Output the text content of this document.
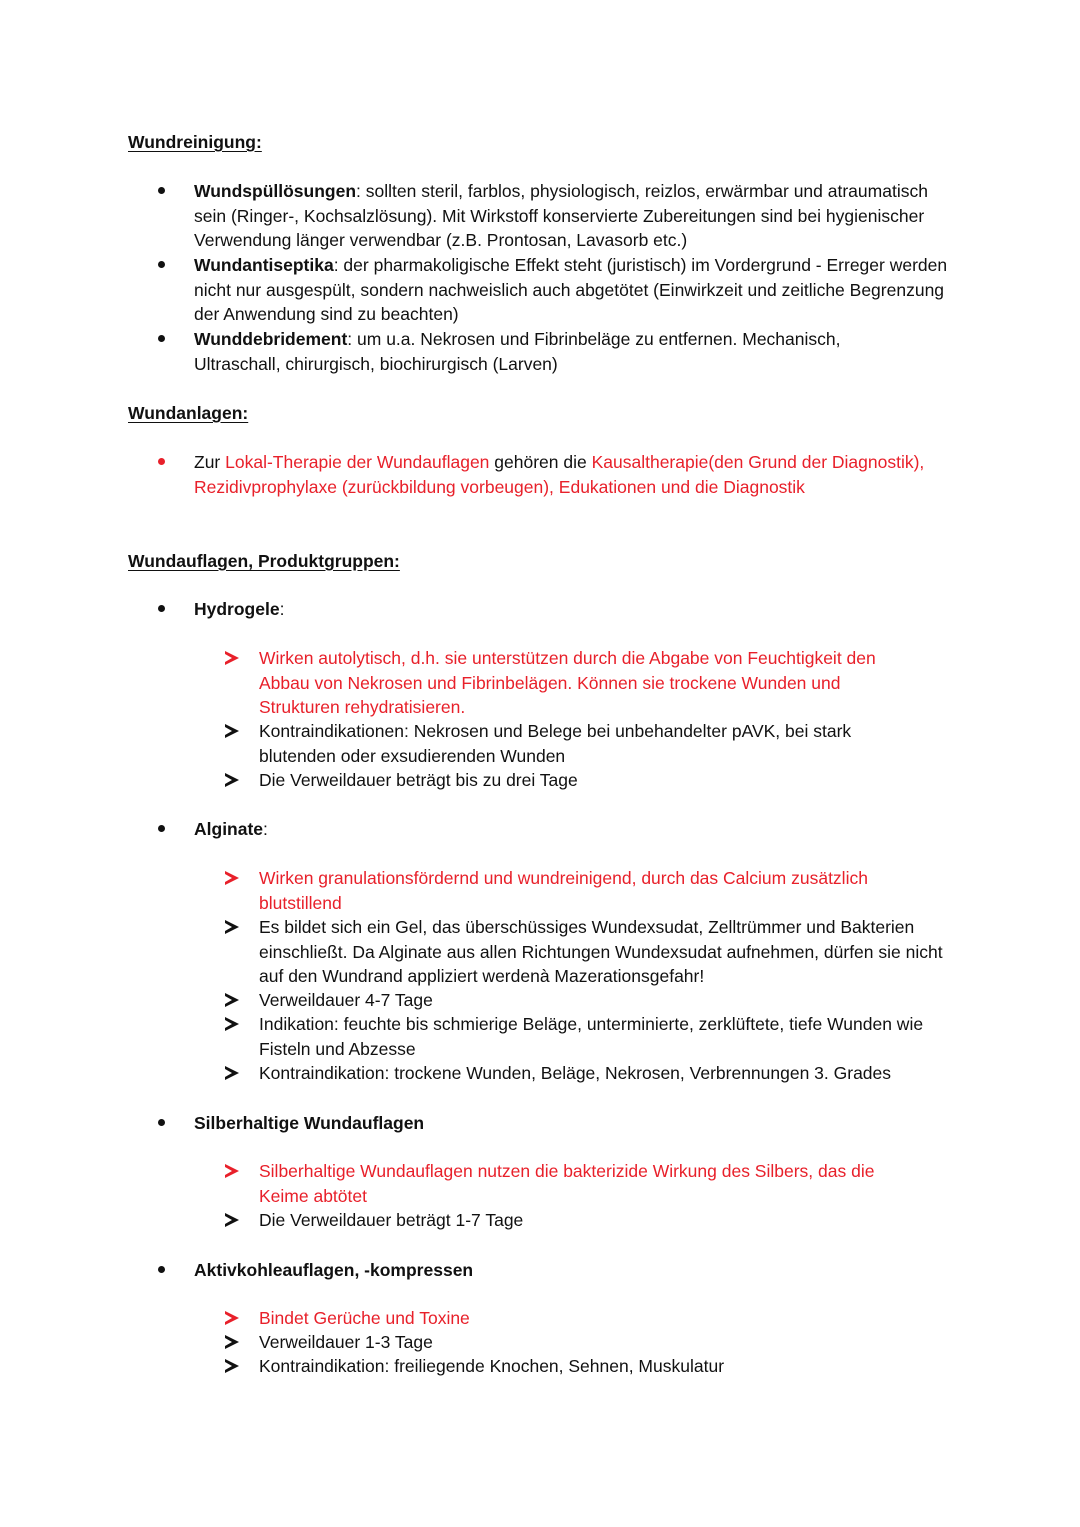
Wundreinigung:
Wundspüllösungen: sollten steril, farblos, physiologisch, reizlos, erwärmbar und atraumatisch sein (Ringer-, Kochsalzlösung). Mit Wirkstoff konservierte Zubereitungen sind bei hygienischer Verwendung länger verwendbar (z.B. Prontosan, Lavasorb etc.)
Wundantiseptika: der pharmakoligische Effekt steht (juristisch) im Vordergrund - Erreger werden nicht nur ausgespült, sondern nachweislich auch abgetötet (Einwirkzeit und zeitliche Begrenzung der Anwendung sind zu beachten)
Wunddebridement: um u.a. Nekrosen und Fibrinbeläge zu entfernen. Mechanisch, Ultraschall, chirurgisch, biochirurgisch (Larven)
Wundanlagen:
Zur Lokal-Therapie der Wundauflagen gehören die Kausaltherapie(den Grund der Diagnostik), Rezidivprophylaxe (zurückbildung vorbeugen), Edukationen und die Diagnostik
Wundauflagen, Produktgruppen:
Hydrogele:
Wirken autolytisch, d.h. sie unterstützen durch die Abgabe von Feuchtigkeit den Abbau von Nekrosen und Fibrinbelägen. Können sie trockene Wunden und Strukturen rehydratisieren.
Kontraindikationen: Nekrosen und Belege bei unbehandelter pAVK, bei stark blutenden oder exsudierenden Wunden
Die Verweildauer beträgt bis zu drei Tage
Alginate:
Wirken granulationsfördernd und wundreinigend, durch das Calcium zusätzlich blutstillend
Es bildet sich ein Gel, das überschüssiges Wundexsudat, Zelltrümmer und Bakterien einschließt. Da Alginate aus allen Richtungen Wundexsudat aufnehmen, dürfen sie nicht auf den Wundrand appliziert werdenà Mazerationsgefahr!
Verweildauer 4-7 Tage
Indikation: feuchte bis schmierige Beläge, unterminierte, zerklüftete, tiefe Wunden wie Fisteln und Abzesse
Kontraindikation: trockene Wunden, Beläge, Nekrosen, Verbrennungen 3. Grades
Silberhaltige Wundauflagen
Silberhaltige Wundauflagen nutzen die bakterizide Wirkung des Silbers, das die Keime abtötet
Die Verweildauer beträgt 1-7 Tage
Aktivkohleauflagen, -kompressen
Bindet Gerüche und Toxine
Verweildauer 1-3 Tage
Kontraindikation: freiliegende Knochen, Sehnen, Muskulatur
